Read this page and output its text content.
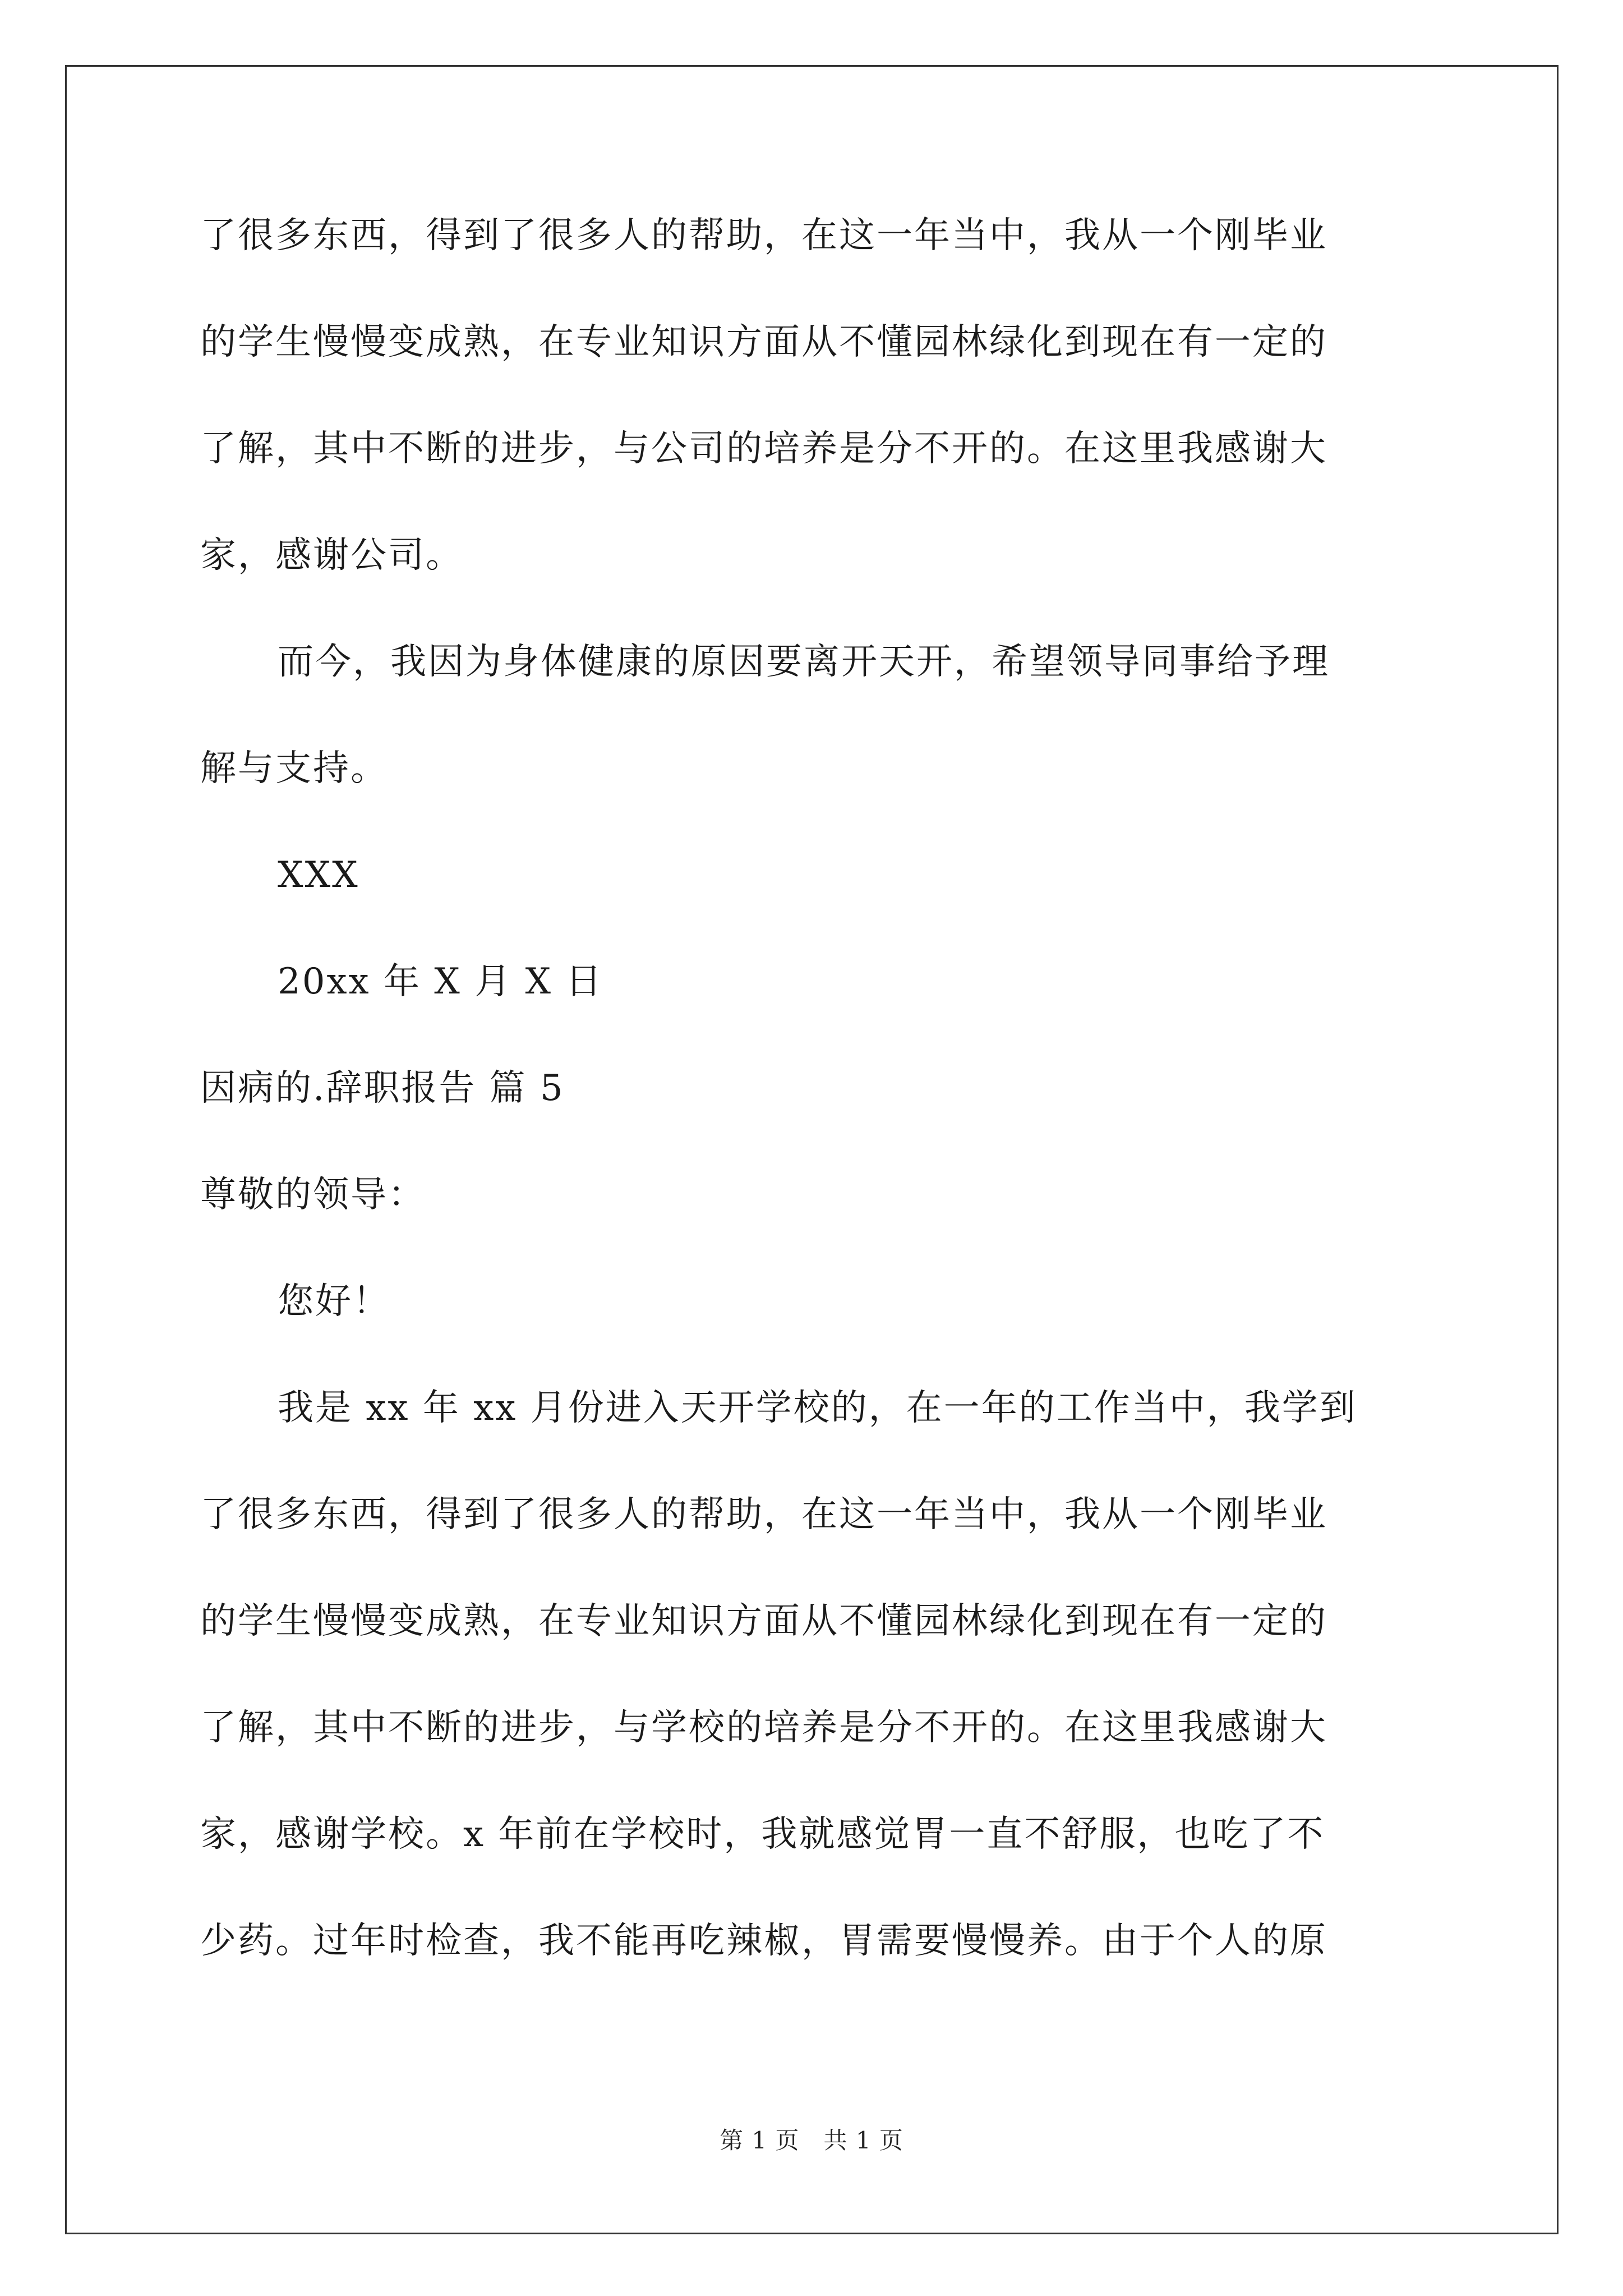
了很多东西，得到了很多人的帮助，在这一年当中，我从一个刚毕业
的学生慢慢变成熟，在专业知识方面从不懂园林绿化到现在有一定的
了解，其中不断的进步，与公司的培养是分不开的。在这里我感谢大
家，感谢公司。
而今，我因为身体健康的原因要离开天开，希望领导同事给予理
解与支持。
XXX
20xx 年 X 月 X 日
因病的.辞职报告 篇 5
尊敬的领导：
您好！
我是 xx 年 xx 月份进入天开学校的，在一年的工作当中，我学到
了很多东西，得到了很多人的帮助，在这一年当中，我从一个刚毕业
的学生慢慢变成熟，在专业知识方面从不懂园林绿化到现在有一定的
了解，其中不断的进步，与学校的培养是分不开的。在这里我感谢大
家，感谢学校。x 年前在学校时，我就感觉胃一直不舒服，也吃了不
少药。过年时检查，我不能再吃辣椒，胃需要慢慢养。由于个人的原
第 1 页　共 1 页
